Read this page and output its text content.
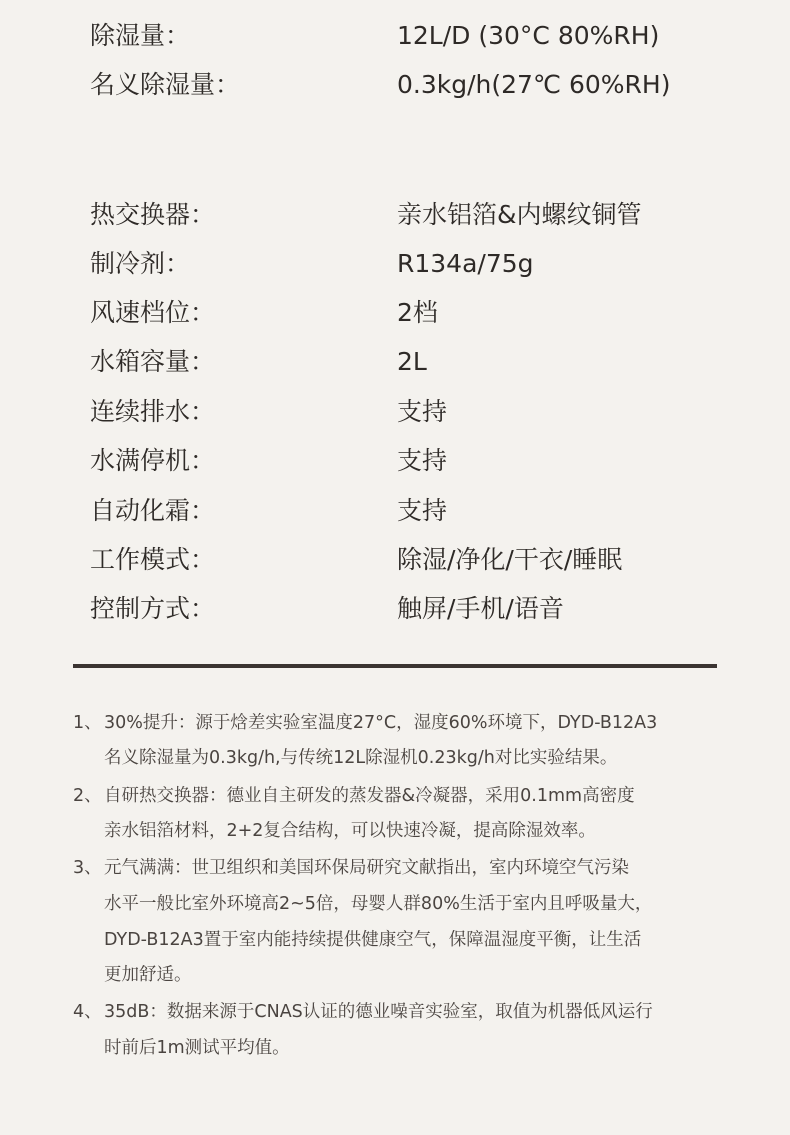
除湿量：	12L/D (30°C 80%RH)
名义除湿量：	0.3kg/h(27℃ 60%RH)
热交换器：	亲水铝箔&内螺纹铜管
制冷剂：	R134a/75g
风速档位：	2档
水箱容量：	2L
连续排水：	支持
水满停机：	支持
自动化霜：	支持
工作模式：	除湿/净化/干衣/睡眠
控制方式：	触屏/手机/语音
1、 30%提升：源于焓差实验室温度27°C，湿度60%环境下，DYD-B12A3
名义除湿量为0.3kg/h,与传统12L除湿机0.23kg/h对比实验结果。
2、 自研热交换器：德业自主研发的蒸发器&冷凝器，采用0.1mm高密度
亲水铝箔材料，2+2复合结构，可以快速冷凝，提高除湿效率。
3、 元气满满：世卫组织和美国环保局研究文献指出，室内环境空气污染
水平一般比室外环境高2~5倍，母婴人群80%生活于室内且呼吸量大，
DYD-B12A3置于室内能持续提供健康空气，保障温湿度平衡，让生活
更加舒适。
4、 35dB：数据来源于CNAS认证的德业噪音实验室，取值为机器低风运行
时前后1m测试平均值。
